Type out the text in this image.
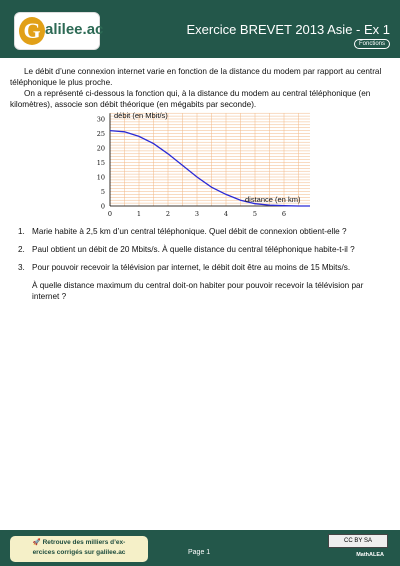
G alilee.ac	Exercice BREVET 2013 Asie - Ex 1
Fonctions

Le débit d’une connexion internet varie en fonction de la distance du modem par rapport au central téléphonique le plus proche.

On a représenté ci-dessous la fonction qui, à la distance du modem au central téléphonique (en kilomètres), associe son débit théorique (en mégabits par seconde).

0	1	2	3	4	5	6
0
5
10
15
20
25
30 débit (en Mbit/s)
distance (en km)
1. Marie habite à 2,5 km d’un central téléphonique. Quel débit de connexion obtient-elle ?
2. Paul obtient un débit de 20 Mbits/s. À quelle distance du central téléphonique habite-t-il ?
3. Pour pouvoir recevoir la télévision par internet, le débit doit être au moins de 15 Mbits/s.
À quelle distance maximum du central doit-on habiter pour pouvoir recevoir la télévision par internet ?
🚀 Retrouve des milliers d’ex-
ercices corrigés sur galilee.ac	Page 1
CC BY SA
MathALEA
